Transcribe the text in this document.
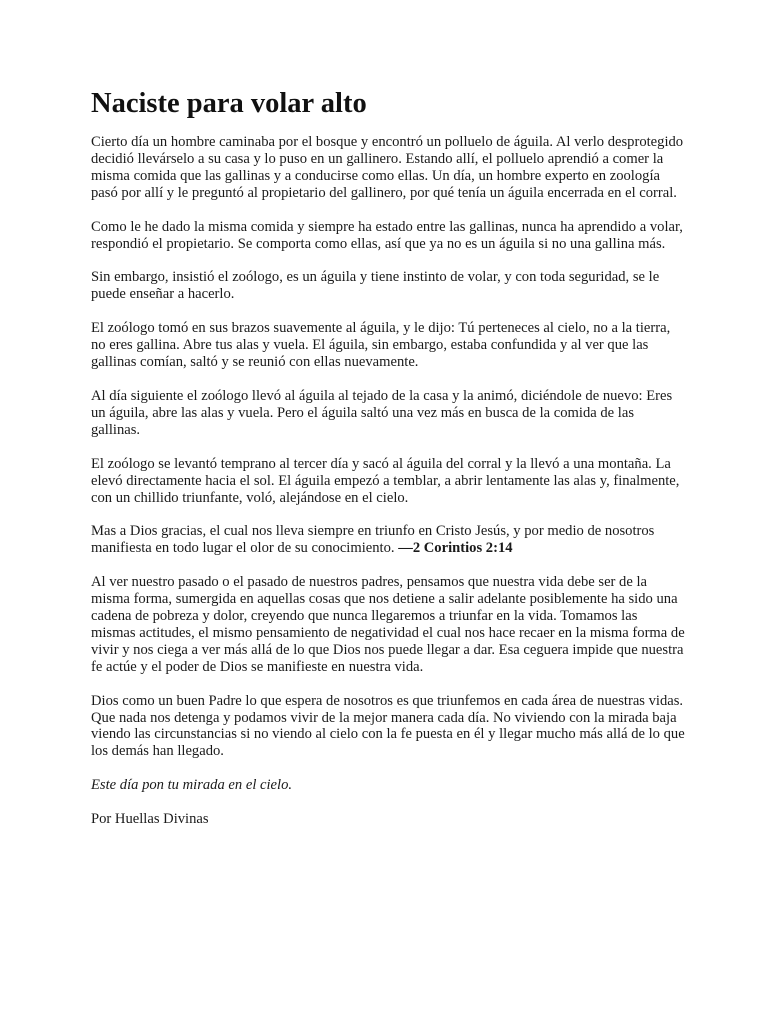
Naciste para volar alto

Cierto día un hombre caminaba por el bosque y encontró un polluelo de águila. Al verlo desprotegido decidió llevárselo a su casa y lo puso en un gallinero. Estando allí, el polluelo aprendió a comer la misma comida que las gallinas y a conducirse como ellas. Un día, un hombre experto en zoología pasó por allí y le preguntó al propietario del gallinero, por qué tenía un águila encerrada en el corral.

Como le he dado la misma comida y siempre ha estado entre las gallinas, nunca ha aprendido a volar, respondió el propietario. Se comporta como ellas, así que ya no es un águila si no una gallina más.

Sin embargo, insistió el zoólogo, es un águila y tiene instinto de volar, y con toda seguridad, se le puede enseñar a hacerlo.

El zoólogo tomó en sus brazos suavemente al águila, y le dijo: Tú perteneces al cielo, no a la tierra, no eres gallina. Abre tus alas y vuela. El águila, sin embargo, estaba confundida y al ver que las gallinas comían, saltó y se reunió con ellas nuevamente.

Al día siguiente el zoólogo llevó al águila al tejado de la casa y la animó, diciéndole de nuevo: Eres un águila, abre las alas y vuela. Pero el águila saltó una vez más en busca de la comida de las gallinas.

El zoólogo se levantó temprano al tercer día y sacó al águila del corral y la llevó a una montaña. La elevó directamente hacia el sol. El águila empezó a temblar, a abrir lentamente las alas y, finalmente, con un chillido triunfante, voló, alejándose en el cielo.

Mas a Dios gracias, el cual nos lleva siempre en triunfo en Cristo Jesús, y por medio de nosotros manifiesta en todo lugar el olor de su conocimiento. —2 Corintios 2:14

Al ver nuestro pasado o el pasado de nuestros padres, pensamos que nuestra vida debe ser de la misma forma, sumergida en aquellas cosas que nos detiene a salir adelante posiblemente ha sido una cadena de pobreza y dolor, creyendo que nunca llegaremos a triunfar en la vida. Tomamos las mismas actitudes, el mismo pensamiento de negatividad el cual nos hace recaer en la misma forma de vivir y nos ciega a ver más allá de lo que Dios nos puede llegar a dar. Esa ceguera impide que nuestra fe actúe y el poder de Dios se manifieste en nuestra vida.

Dios como un buen Padre lo que espera de nosotros es que triunfemos en cada área de nuestras vidas. Que nada nos detenga y podamos vivir de la mejor manera cada día. No viviendo con la mirada baja viendo las circunstancias si no viendo al cielo con la fe puesta en él y llegar mucho más allá de lo que los demás han llegado.

Este día pon tu mirada en el cielo.

Por Huellas Divinas
